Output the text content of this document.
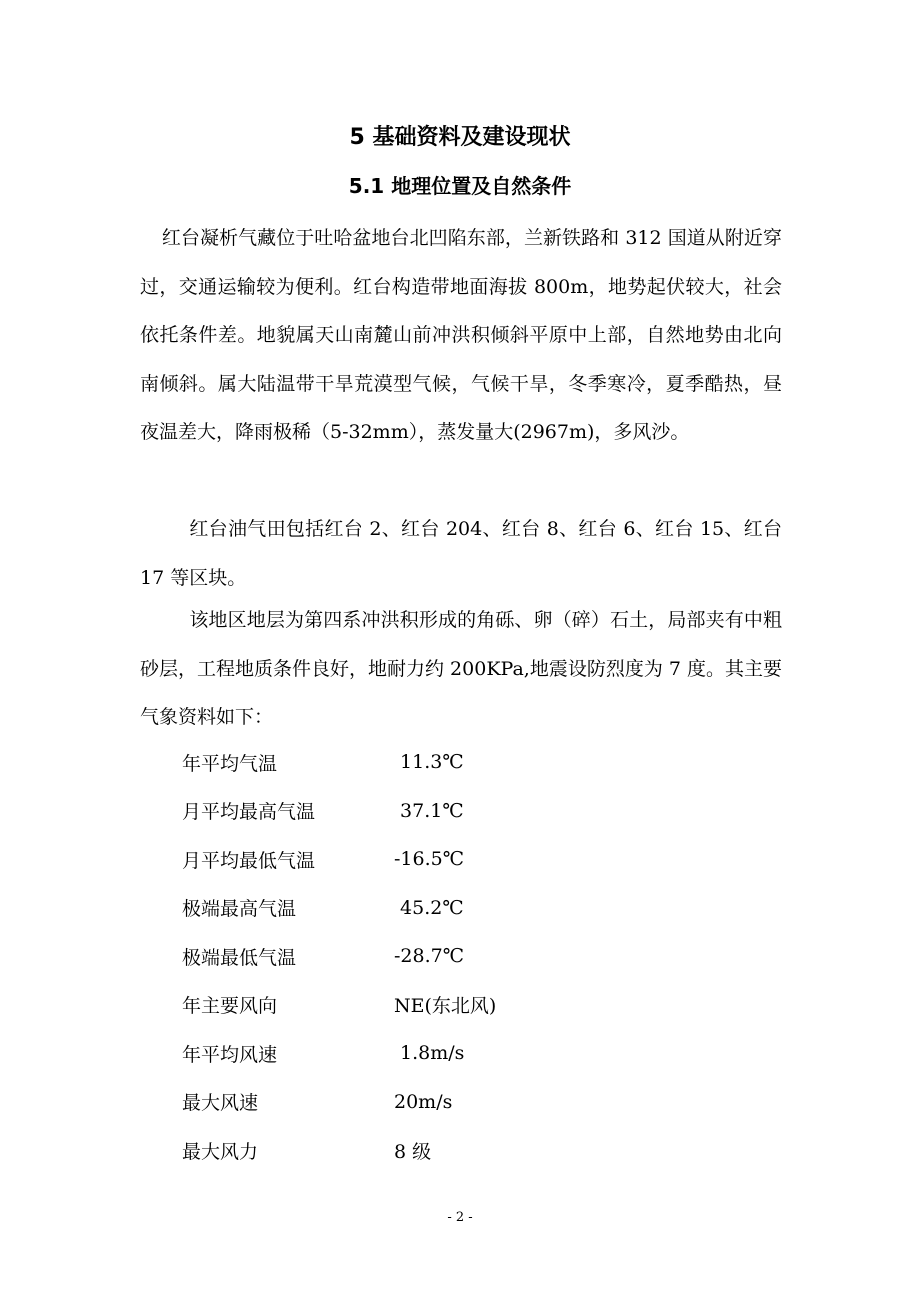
5 基础资料及建设现状
5.1 地理位置及自然条件

红台凝析气藏位于吐哈盆地台北凹陷东部，兰新铁路和 312 国道从附近穿过，交通运输较为便利。红台构造带地面海拔 800m，地势起伏较大，社会依托条件差。地貌属天山南麓山前冲洪积倾斜平原中上部，自然地势由北向南倾斜。属大陆温带干旱荒漠型气候，气候干旱，冬季寒冷，夏季酷热，昼夜温差大，降雨极稀（5-32mm），蒸发量大(2967m)，多风沙。

红台油气田包括红台 2、红台 204、红台 8、红台 6、红台 15、红台 17 等区块。

该地区地层为第四系冲洪积形成的角砾、卵（碎）石土，局部夹有中粗砂层，工程地质条件良好，地耐力约 200KPa,地震设防烈度为 7 度。其主要气象资料如下：

年平均气温	11.3℃
月平均最高气温	37.1℃
月平均最低气温	-16.5℃
极端最高气温	45.2℃
极端最低气温	-28.7℃
年主要风向	NE(东北风)
年平均风速	1.8m/s
最大风速	20m/s
最大风力	8 级
- 2 -
